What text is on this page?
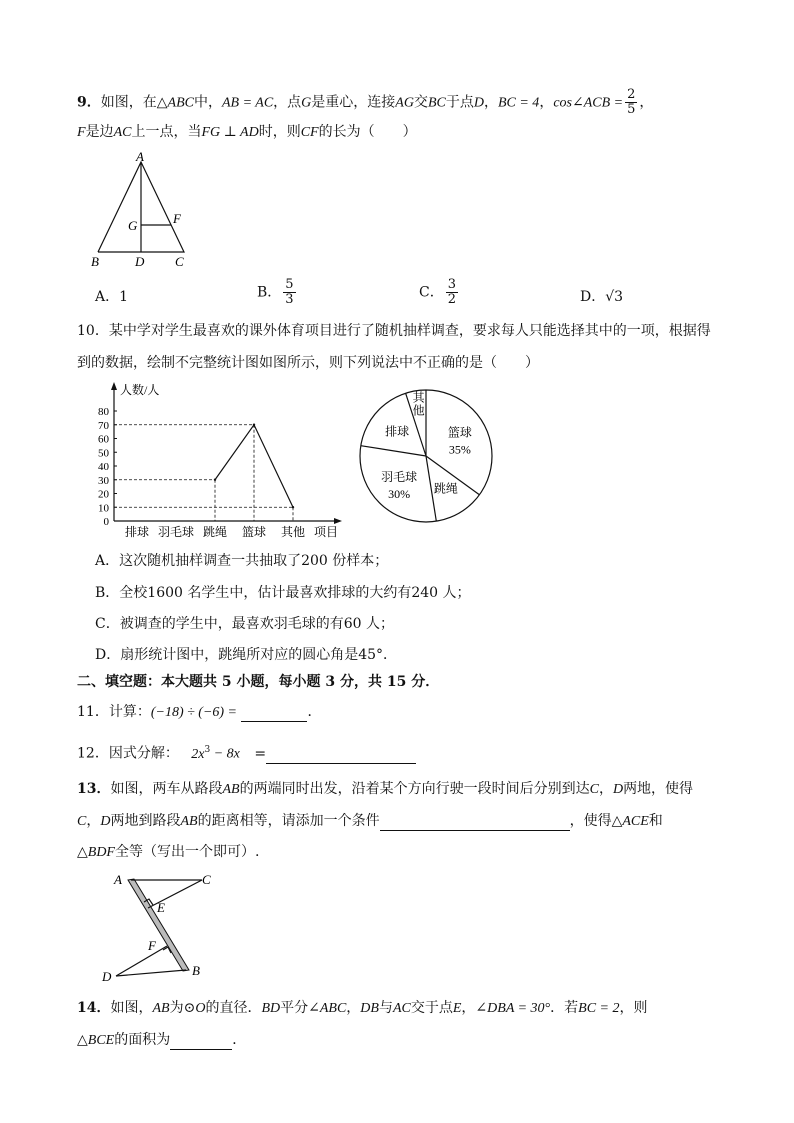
9．如图，在△ABC中，AB = AC，点G是重心，连接AG交BC于点D，BC = 4，cos∠ACB = $\frac{2}{5}$ ，
F是边AC上一点，当FG ⊥ AD时，则CF的长为（　　）
A
B	D C
G	F
A．1	B． $\frac{5}{3}$	C． $\frac{3}{2}$	D．√3
10．某中学对学生最喜欢的课外体育项目进行了随机抽样调查，要求每人只能选择其中的一项，根据得
到的数据，绘制不完整统计图如图所示，则下列说法中不正确的是（　　）
人数/人
项目
0
10
20
30
40
50
60
70
80
排球 羽毛球 跳绳 篮球 其他
其
他
篮球
35%
跳绳
羽毛球
30%
排球
A．这次随机抽样调查一共抽取了200 份样本；
B．全校1600 名学生中，估计最喜欢排球的大约有240 人；
C．被调查的学生中，最喜欢羽毛球的有60 人；
D．扇形统计图中，跳绳所对应的圆心角是45°．
二、填空题：本大题共 5 小题，每小题 3 分，共 15 分．
11．计算：(−18) ÷ (−6) =	．
12．因式分解： $2x^3 - 8x$ =
13．如图，两车从路段AB的两端同时出发，沿着某个方向行驶一段时间后分别到达C，D两地，使得
C，D两地到路段AB的距离相等，请添加一个条件	，使得△ACE和
△BDF全等（写出一个即可）.
A	C
E
F
D	B
14．如图，AB为⊙O的直径．BD平分∠ABC，DB与AC交于点E，∠DBA = 30°．若BC = 2，则
△BCE的面积为	．
